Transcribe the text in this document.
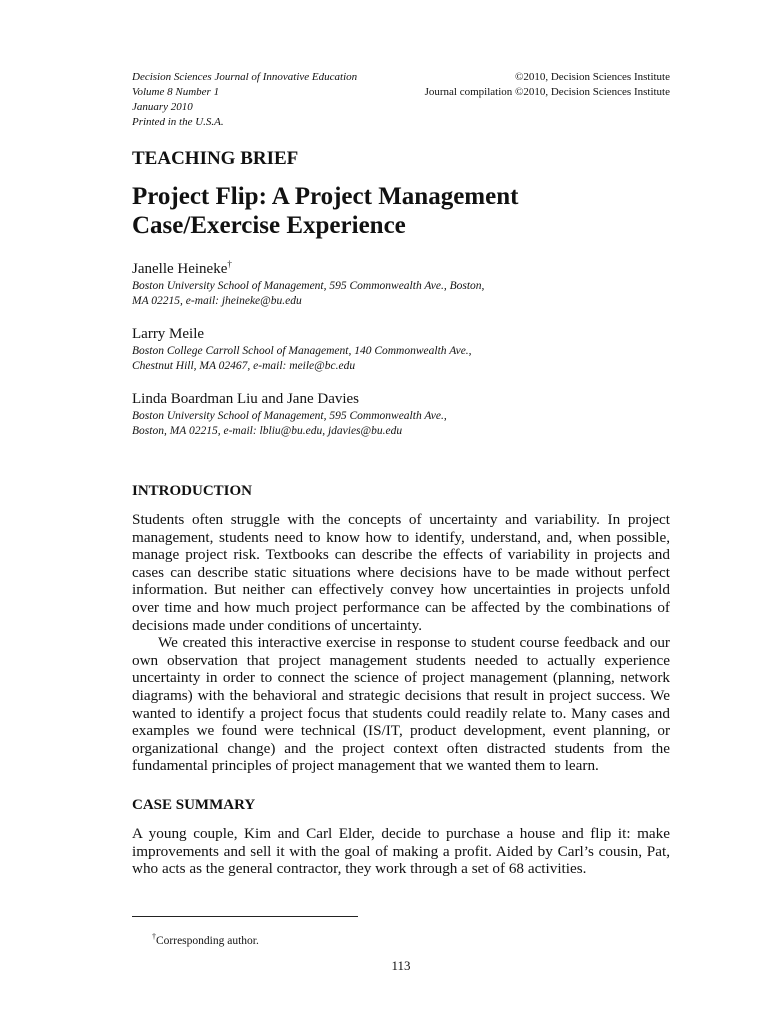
Decision Sciences Journal of Innovative Education
Volume 8 Number 1
January 2010
Printed in the U.S.A.
©2010, Decision Sciences Institute
Journal compilation ©2010, Decision Sciences Institute
TEACHING BRIEF
Project Flip: A Project Management
Case/Exercise Experience
Janelle Heineke†
Boston University School of Management, 595 Commonwealth Ave., Boston,
MA 02215, e-mail: jheineke@bu.edu
Larry Meile
Boston College Carroll School of Management, 140 Commonwealth Ave.,
Chestnut Hill, MA 02467, e-mail: meile@bc.edu
Linda Boardman Liu and Jane Davies
Boston University School of Management, 595 Commonwealth Ave.,
Boston, MA 02215, e-mail: lbliu@bu.edu, jdavies@bu.edu
INTRODUCTION

Students often struggle with the concepts of uncertainty and variability. In project management, students need to know how to identify, understand, and, when possible, manage project risk. Textbooks can describe the effects of variability in projects and cases can describe static situations where decisions have to be made without perfect information. But neither can effectively convey how uncertainties in projects unfold over time and how much project performance can be affected by the combinations of decisions made under conditions of uncertainty.

We created this interactive exercise in response to student course feedback and our own observation that project management students needed to actually experience uncertainty in order to connect the science of project management (planning, network diagrams) with the behavioral and strategic decisions that result in project success. We wanted to identify a project focus that students could readily relate to. Many cases and examples we found were technical (IS/IT, product development, event planning, or organizational change) and the project context often distracted students from the fundamental principles of project management that we wanted them to learn.

CASE SUMMARY

A young couple, Kim and Carl Elder, decide to purchase a house and flip it: make improvements and sell it with the goal of making a profit. Aided by Carl’s cousin, Pat, who acts as the general contractor, they work through a set of 68 activities.

†Corresponding author.
113
